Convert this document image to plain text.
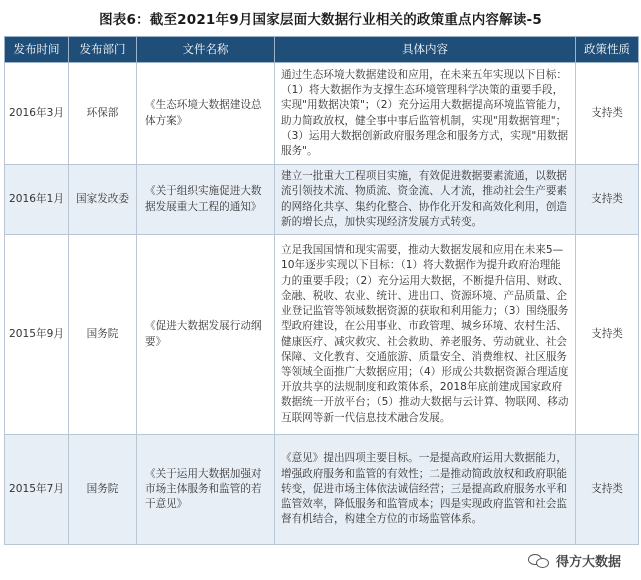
图表6：截至2021年9月国家层面大数据行业相关的政策重点内容解读-5
发布时间	发布部门	文件名称	具体内容	政策性质
2016年3月	环保部	《生态环境大数据建设总体方案》	通过生态环境大数据建设和应用，在未来五年实现以下目标：（1）将大数据作为支撑生态环境管理科学决策的重要手段，实现"用数据决策"；（2）充分运用大数据提高环境监管能力，助力简政放权，健全事中事后监管机制，实现"用数据管理"；（3）运用大数据创新政府服务理念和服务方式，实现"用数据服务"。	支持类
2016年1月	国家发改委	《关于组织实施促进大数据发展重大工程的通知》	建立一批重大工程项目实施，有效促进数据要素流通，以数据流引领技术流、物质流、资金流、人才流，推动社会生产要素的网络化共享、集约化整合、协作化开发和高效化利用，创造新的增长点，加快实现经济发展方式转变。	支持类
2015年9月	国务院	《促进大数据发展行动纲要》	立足我国国情和现实需要，推动大数据发展和应用在未来5—10年逐步实现以下目标：（1）将大数据作为提升政府治理能力的重要手段；（2）充分运用大数据，不断提升信用、财政、金融、税收、农业、统计、进出口、资源环境、产品质量、企业登记监管等领域数据资源的获取和利用能力；（3）围绕服务型政府建设，在公用事业、市政管理、城乡环境、农村生活、健康医疗、减灾救灾、社会救助、养老服务、劳动就业、社会保障、文化教育、交通旅游、质量安全、消费维权、社区服务等领域全面推广大数据应用；（4）形成公共数据资源合理适度开放共享的法规制度和政策体系，2018年底前建成国家政府数据统一开放平台；（5）推动大数据与云计算、物联网、移动互联网等新一代信息技术融合发展。	支持类
2015年7月	国务院	《关于运用大数据加强对市场主体服务和监管的若干意见》	《意见》提出四项主要目标。一是提高政府运用大数据能力，增强政府服务和监管的有效性；二是推动简政放权和政府职能转变，促进市场主体依法诚信经营；三是提高政府服务水平和监管效率，降低服务和监管成本；四是实现政府监管和社会监督有机结合，构建全方位的市场监管体系。	支持类
得方大数据
